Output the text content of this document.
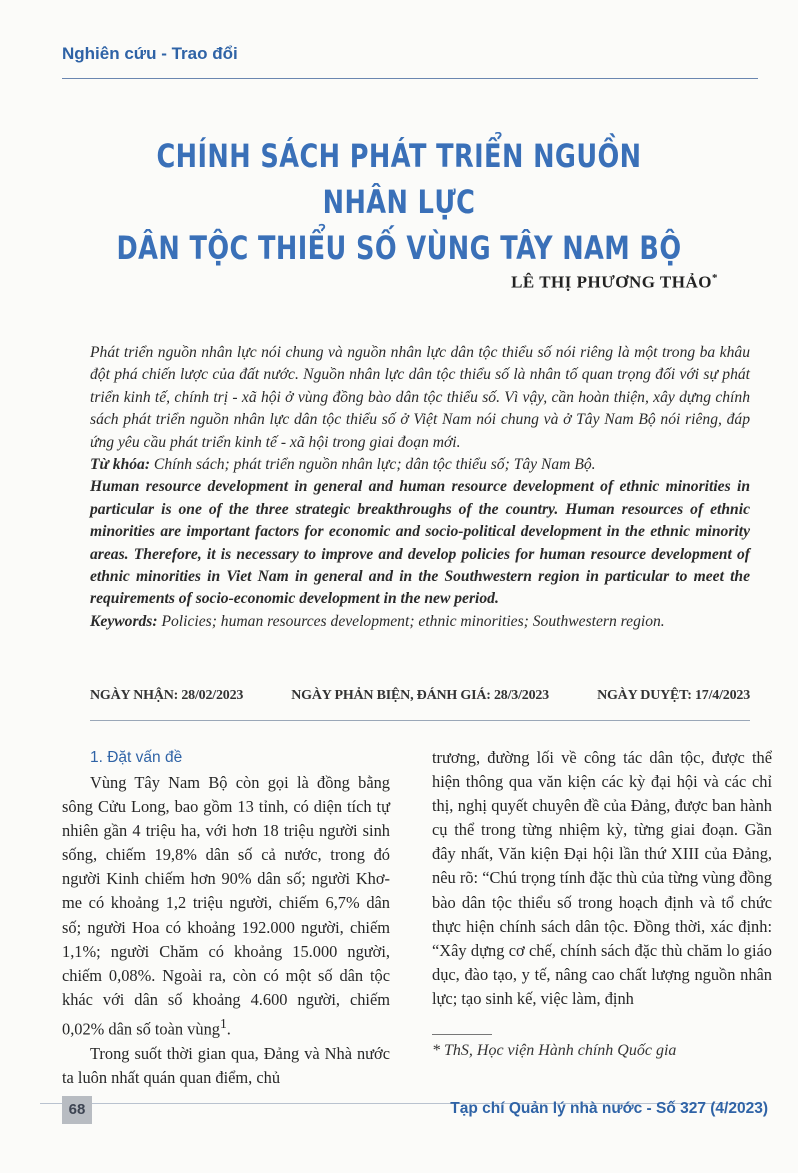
Nghiên cứu - Trao đổi
CHÍNH SÁCH PHÁT TRIỂN NGUỒN NHÂN LỰC
DÂN TỘC THIỂU SỐ VÙNG TÂY NAM BỘ
LÊ THỊ PHƯƠNG THẢO*

Phát triển nguồn nhân lực nói chung và nguồn nhân lực dân tộc thiểu số nói riêng là một trong ba khâu đột phá chiến lược của đất nước. Nguồn nhân lực dân tộc thiểu số là nhân tố quan trọng đối với sự phát triển kinh tế, chính trị - xã hội ở vùng đồng bào dân tộc thiểu số. Vì vậy, cần hoàn thiện, xây dựng chính sách phát triển nguồn nhân lực dân tộc thiểu số ở Việt Nam nói chung và ở Tây Nam Bộ nói riêng, đáp ứng yêu cầu phát triển kinh tế - xã hội trong giai đoạn mới.

Từ khóa: Chính sách; phát triển nguồn nhân lực; dân tộc thiểu số; Tây Nam Bộ.

Human resource development in general and human resource development of ethnic minorities in particular is one of the three strategic breakthroughs of the country. Human resources of ethnic minorities are important factors for economic and socio-political development in the ethnic minority areas. Therefore, it is necessary to improve and develop policies for human resource development of ethnic minorities in Viet Nam in general and in the Southwestern region in particular to meet the requirements of socio-economic development in the new period.

Keywords: Policies; human resources development; ethnic minorities; Southwestern region.

NGÀY NHẬN: 28/02/2023	NGÀY PHẢN BIỆN, ĐÁNH GIÁ: 28/3/2023	NGÀY DUYỆT: 17/4/2023
1. Đặt vấn đề

Vùng Tây Nam Bộ còn gọi là đồng bằng sông Cửu Long, bao gồm 13 tỉnh, có diện tích tự nhiên gần 4 triệu ha, với hơn 18 triệu người sinh sống, chiếm 19,8% dân số cả nước, trong đó người Kinh chiếm hơn 90% dân số; người Khơ-me có khoảng 1,2 triệu người, chiếm 6,7% dân số; người Hoa có khoảng 192.000 người, chiếm 1,1%; người Chăm có khoảng 15.000 người, chiếm 0,08%. Ngoài ra, còn có một số dân tộc khác với dân số khoảng 4.600 người, chiếm 0,02% dân số toàn vùng$^1$.

Trong suốt thời gian qua, Đảng và Nhà nước ta luôn nhất quán quan điểm, chủ

trương, đường lối về công tác dân tộc, được thể hiện thông qua văn kiện các kỳ đại hội và các chỉ thị, nghị quyết chuyên đề của Đảng, được ban hành cụ thể trong từng nhiệm kỳ, từng giai đoạn. Gần đây nhất, Văn kiện Đại hội lần thứ XIII của Đảng, nêu rõ: “Chú trọng tính đặc thù của từng vùng đồng bào dân tộc thiểu số trong hoạch định và tổ chức thực hiện chính sách dân tộc. Đồng thời, xác định: “Xây dựng cơ chế, chính sách đặc thù chăm lo giáo dục, đào tạo, y tế, nâng cao chất lượng nguồn nhân lực; tạo sinh kế, việc làm, định

* ThS, Học viện Hành chính Quốc gia
68	Tạp chí Quản lý nhà nước - Số 327 (4/2023)
